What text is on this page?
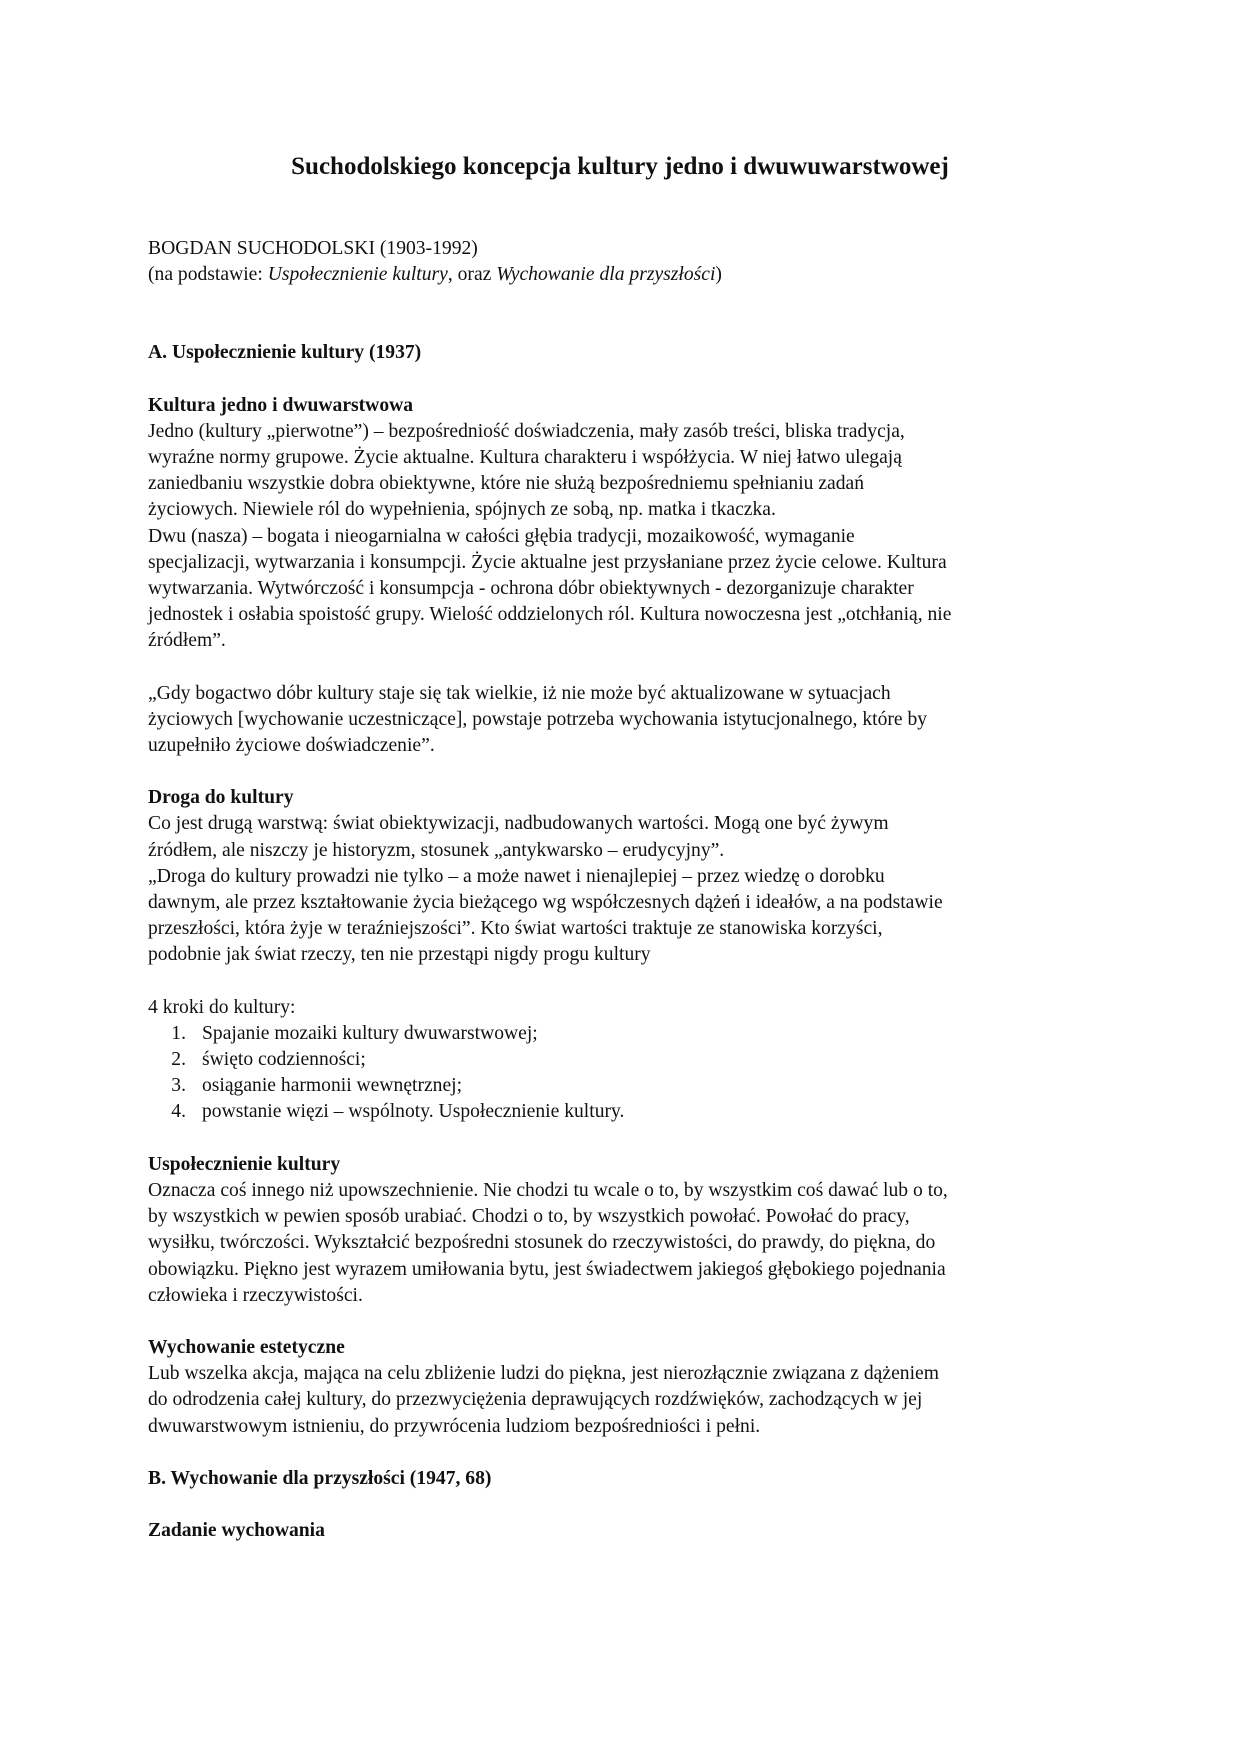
Suchodolskiego koncepcja kultury jedno i dwuwuwarstwowej

BOGDAN SUCHODOLSKI (1903-1992)

(na podstawie: Uspołecznienie kultury, oraz Wychowanie dla przyszłości)

A. Uspołecznienie kultury (1937)

Kultura jedno i dwuwarstwowa

Jedno (kultury „pierwotne”) – bezpośredniość doświadczenia, mały zasób treści, bliska tradycja,

wyraźne normy grupowe. Życie aktualne. Kultura charakteru i współżycia. W niej łatwo ulegają

zaniedbaniu wszystkie dobra obiektywne, które nie służą bezpośredniemu spełnianiu zadań

życiowych. Niewiele ról do wypełnienia, spójnych ze sobą, np. matka i tkaczka.

Dwu (nasza) – bogata i nieogarnialna w całości głębia tradycji, mozaikowość, wymaganie

specjalizacji, wytwarzania i konsumpcji. Życie aktualne jest przysłaniane przez życie celowe. Kultura

wytwarzania. Wytwórczość i konsumpcja - ochrona dóbr obiektywnych - dezorganizuje charakter

jednostek i osłabia spoistość grupy. Wielość oddzielonych ról. Kultura nowoczesna jest „otchłanią, nie

źródłem”.

„Gdy bogactwo dóbr kultury staje się tak wielkie, iż nie może być aktualizowane w sytuacjach

życiowych [wychowanie uczestniczące], powstaje potrzeba wychowania istytucjonalnego, które by

uzupełniło życiowe doświadczenie”.

Droga do kultury

Co jest drugą warstwą: świat obiektywizacji, nadbudowanych wartości. Mogą one być żywym

źródłem, ale niszczy je historyzm, stosunek „antykwarsko – erudycyjny”.

„Droga do kultury prowadzi nie tylko – a może nawet i nienajlepiej – przez wiedzę o dorobku

dawnym, ale przez kształtowanie życia bieżącego wg współczesnych dążeń i ideałów, a na podstawie

przeszłości, która żyje w teraźniejszości”. Kto świat wartości traktuje ze stanowiska korzyści,

podobnie jak świat rzeczy, ten nie przestąpi nigdy progu kultury

4 kroki do kultury:

1. Spajanie mozaiki kultury dwuwarstwowej;
2. święto codzienności;
3. osiąganie harmonii wewnętrznej;
4. powstanie więzi – wspólnoty. Uspołecznienie kultury.

Uspołecznienie kultury

Oznacza coś innego niż upowszechnienie. Nie chodzi tu wcale o to, by wszystkim coś dawać lub o to,

by wszystkich w pewien sposób urabiać. Chodzi o to, by wszystkich powołać. Powołać do pracy,

wysiłku, twórczości. Wykształcić bezpośredni stosunek do rzeczywistości, do prawdy, do piękna, do

obowiązku. Piękno jest wyrazem umiłowania bytu, jest świadectwem jakiegoś głębokiego pojednania

człowieka i rzeczywistości.

Wychowanie estetyczne

Lub wszelka akcja, mająca na celu zbliżenie ludzi do piękna, jest nierozłącznie związana z dążeniem

do odrodzenia całej kultury, do przezwyciężenia deprawujących rozdźwięków, zachodzących w jej

dwuwarstwowym istnieniu, do przywrócenia ludziom bezpośredniości i pełni.

B. Wychowanie dla przyszłości (1947, 68)

Zadanie wychowania
